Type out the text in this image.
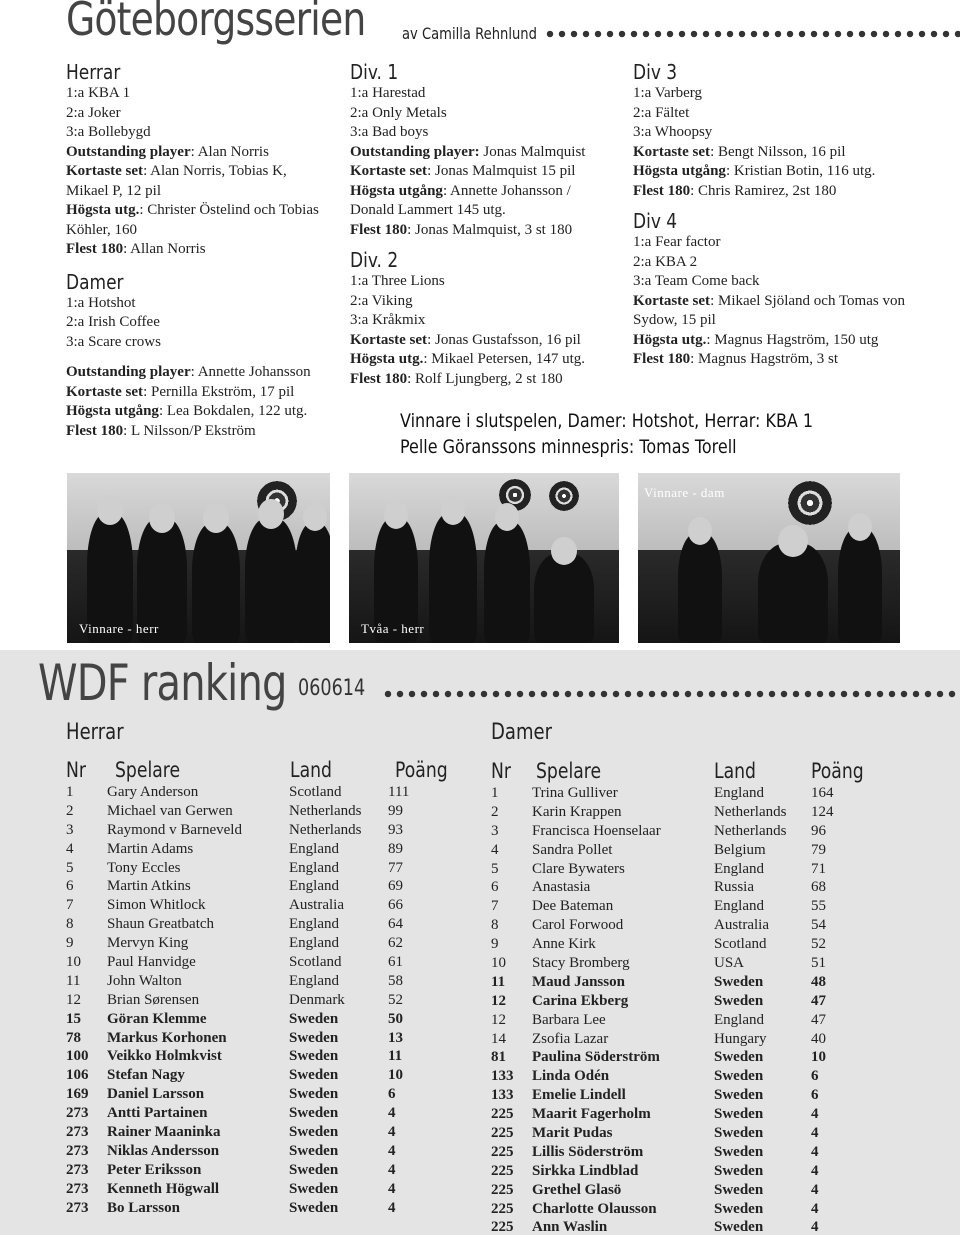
Göteborgsserien av Camilla Rehnlund
Herrar

1:a KBA 1

2:a Joker

3:a Bollebygd

Outstanding player: Alan Norris

Kortaste set: Alan Norris, Tobias K, Mikael P, 12 pil

Högsta utg.: Christer Östelind och Tobias Köhler, 160

Flest 180: Allan Norris

Damer

1:a Hotshot

2:a Irish Coffee

3:a Scare crows

Outstanding player: Annette Johansson

Kortaste set: Pernilla Ekström, 17 pil

Högsta utgång: Lea Bokdalen, 122 utg.

Flest 180: L Nilsson/P Ekström

Div. 1

1:a Harestad

2:a Only Metals

3:a Bad boys

Outstanding player: Jonas Malmquist

Kortaste set: Jonas Malmquist 15 pil

Högsta utgång: Annette Johansson / Donald Lammert 145 utg.

Flest 180: Jonas Malmquist, 3 st 180

Div. 2

1:a Three Lions

2:a Viking

3:a Kråkmix

Kortaste set: Jonas Gustafsson, 16 pil

Högsta utg.: Mikael Petersen, 147 utg.

Flest 180: Rolf Ljungberg, 2 st 180

Div 3

1:a Varberg

2:a Fältet

3:a Whoopsy

Kortaste set: Bengt Nilsson, 16 pil

Högsta utgång: Kristian Botin, 116 utg.

Flest 180: Chris Ramirez, 2st 180

Div 4

1:a Fear factor

2:a KBA 2

3:a Team Come back

Kortaste set: Mikael Sjöland och Tomas von Sydow, 15 pil

Högsta utg.: Magnus Hagström, 150 utg

Flest 180: Magnus Hagström, 3 st

Vinnare i slutspelen, Damer: Hotshot, Herrar: KBA 1
Pelle Göranssons minnespris: Tomas Torell
Vinnare - herr	Tvåa - herr
Vinnare - dam
WDF ranking 060614
Herrar	Damer
Nr Spelare	Land	Poäng Nr Spelare	Land	Poäng
1 Gary Anderson	Scotland	111
2 Michael van Gerwen	Netherlands 99
3 Raymond v Barneveld	Netherlands 93
4 Martin Adams	England	89
5 Tony Eccles	England	77
6 Martin Atkins	England	69
7 Simon Whitlock	Australia	66
8 Shaun Greatbatch	England	64
9 Mervyn King	England	62
10 Paul Hanvidge	Scotland	61
11 John Walton	England	58
12 Brian Sørensen	Denmark	52
15 Göran Klemme	Sweden	50
78 Markus Korhonen	Sweden	13
100 Veikko Holmkvist	Sweden	11
106 Stefan Nagy	Sweden	10
169 Daniel Larsson	Sweden	6
273 Antti Partainen	Sweden	4
273 Rainer Maaninka	Sweden	4
273 Niklas Andersson	Sweden	4
273 Peter Eriksson	Sweden	4
273 Kenneth Högwall	Sweden	4
273 Bo Larsson	Sweden	4
1 Trina Gulliver	England	164
2 Karin Krappen	Netherlands 124
3 Francisca Hoenselaar	Netherlands 96
4 Sandra Pollet	Belgium	79
5 Clare Bywaters	England	71
6 Anastasia	Russia	68
7 Dee Bateman	England	55
8 Carol Forwood	Australia	54
9 Anne Kirk	Scotland	52
10 Stacy Bromberg	USA	51
11 Maud Jansson	Sweden	48
12 Carina Ekberg	Sweden	47
12 Barbara Lee	England	47
14 Zsofia Lazar	Hungary	40
81 Paulina Söderström	Sweden	10
133 Linda Odén	Sweden	6
133 Emelie Lindell	Sweden	6
225 Maarit Fagerholm	Sweden	4
225 Marit Pudas	Sweden	4
225 Lillis Söderström	Sweden	4
225 Sirkka Lindblad	Sweden	4
225 Grethel Glasö	Sweden	4
225 Charlotte Olausson	Sweden	4
225 Ann Waslin	Sweden	4
